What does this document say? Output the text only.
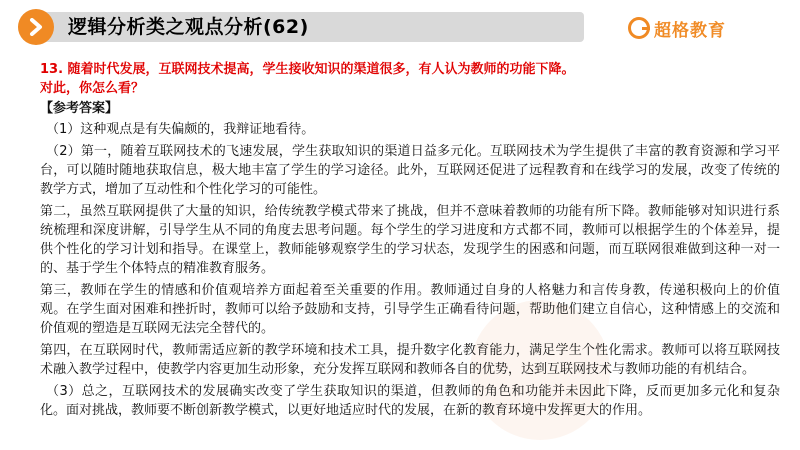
逻辑分析类之观点分析(62)	超格教育
13. 随着时代发展，互联网技术提高，学生接收知识的渠道很多，有人认为教师的功能下降。
对此，你怎么看？
【参考答案】
（1）这种观点是有失偏颇的，我辩证地看待。
（2）第一，随着互联网技术的飞速发展，学生获取知识的渠道日益多元化。互联网技术为学生提供了丰富的教育资源和学习平台，可以随时随地获取信息，极大地丰富了学生的学习途径。此外，互联网还促进了远程教育和在线学习的发展，改变了传统的教学方式，增加了互动性和个性化学习的可能性。
第二，虽然互联网提供了大量的知识，给传统教学模式带来了挑战，但并不意味着教师的功能有所下降。教师能够对知识进行系统梳理和深度讲解，引导学生从不同的角度去思考问题。每个学生的学习进度和方式都不同，教师可以根据学生的个体差异，提供个性化的学习计划和指导。在课堂上，教师能够观察学生的学习状态，发现学生的困惑和问题，而互联网很难做到这种一对一的、基于学生个体特点的精准教育服务。
第三，教师在学生的情感和价值观培养方面起着至关重要的作用。教师通过自身的人格魅力和言传身教，传递积极向上的价值观。在学生面对困难和挫折时，教师可以给予鼓励和支持，引导学生正确看待问题，帮助他们建立自信心，这种情感上的交流和价值观的塑造是互联网无法完全替代的。
第四，在互联网时代，教师需适应新的教学环境和技术工具，提升数字化教育能力，满足学生个性化需求。教师可以将互联网技术融入教学过程中，使教学内容更加生动形象，充分发挥互联网和教师各自的优势，达到互联网技术与教师功能的有机结合。
（3）总之，互联网技术的发展确实改变了学生获取知识的渠道，但教师的角色和功能并未因此下降，反而更加多元化和复杂化。面对挑战，教师要不断创新教学模式，以更好地适应时代的发展，在新的教育环境中发挥更大的作用。
